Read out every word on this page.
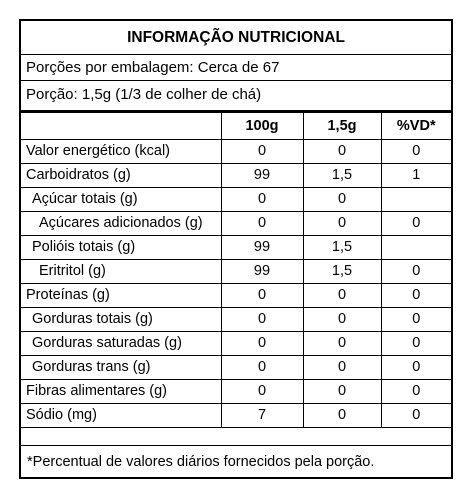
INFORMAÇÃO NUTRICIONAL
Porções por embalagem: Cerca de 67
Porção: 1,5g (1/3 de colher de chá)
	100g	1,5g	%VD*
Valor energético (kcal)	0	0	0
Carboidratos (g)	99	1,5	1
Açúcar totais (g)	0	0	
Açúcares adicionados (g)	0	0	0
Polióis totais (g)	99	1,5	
Eritritol (g)	99	1,5	0
Proteínas (g)	0	0	0
Gorduras totais (g)	0	0	0
Gorduras saturadas (g)	0	0	0
Gorduras trans (g)	0	0	0
Fibras alimentares (g)	0	0	0
Sódio (mg)	7	0	0
*Percentual de valores diários fornecidos pela porção.
